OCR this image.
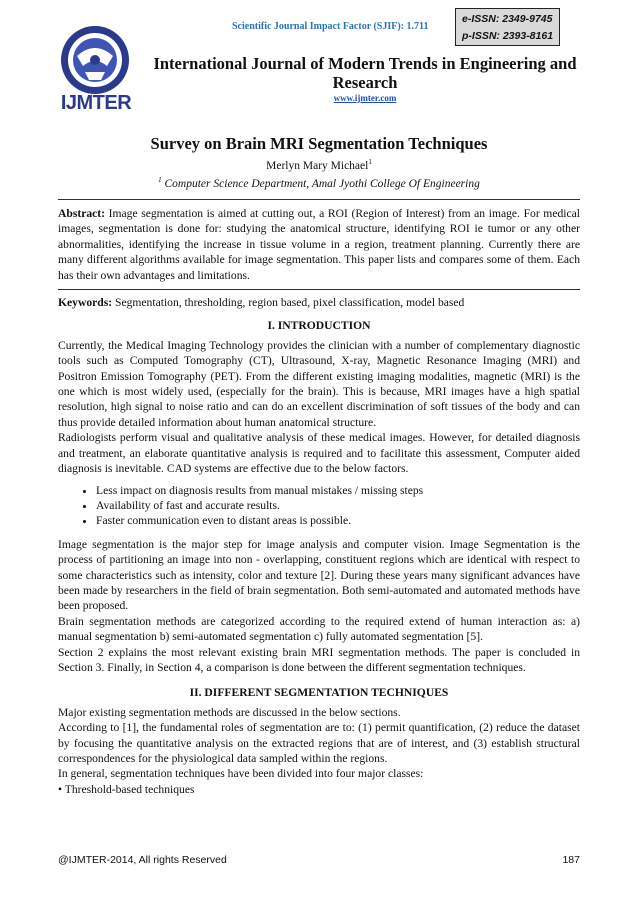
IJMTER
e-ISSN: 2349-9745
p-ISSN: 2393-8161
Scientific Journal Impact Factor (SJIF): 1.711
International Journal of Modern Trends in Engineering and Research
www.ijmter.com
Survey on Brain MRI Segmentation Techniques
Merlyn Mary Michael$^1$
$^1$ Computer Science Department, Amal Jyothi College Of Engineering

Abstract: Image segmentation is aimed at cutting out, a ROI (Region of Interest) from an image. For medical images, segmentation is done for: studying the anatomical structure, identifying ROI ie tumor or any other abnormalities, identifying the increase in tissue volume in a region, treatment planning. Currently there are many different algorithms available for image segmentation. This paper lists and compares some of them. Each has their own advantages and limitations.

Keywords: Segmentation, thresholding, region based, pixel classification, model based

I. INTRODUCTION

Currently, the Medical Imaging Technology provides the clinician with a number of complementary diagnostic tools such as Computed Tomography (CT), Ultrasound, X-ray, Magnetic Resonance Imaging (MRI) and Positron Emission Tomography (PET). From the different existing imaging modalities, magnetic (MRI) is the one which is most widely used, (especially for the brain). This is because, MRI images have a high spatial resolution, high signal to noise ratio and can do an excellent discrimination of soft tissues of the body and can thus provide detailed information about human anatomical structure.

Radiologists perform visual and qualitative analysis of these medical images. However, for detailed diagnosis and treatment, an elaborate quantitative analysis is required and to facilitate this assessment, Computer aided diagnosis is inevitable. CAD systems are effective due to the below factors.

• Less impact on diagnosis results from manual mistakes / missing steps
• Availability of fast and accurate results.
• Faster communication even to distant areas is possible.

Image segmentation is the major step for image analysis and computer vision. Image Segmentation is the process of partitioning an image into non - overlapping, constituent regions which are identical with respect to some characteristics such as intensity, color and texture [2]. During these years many significant advances have been made by researchers in the field of brain segmentation. Both semi-automated and automated methods have been proposed.

Brain segmentation methods are categorized according to the required extend of human interaction as: a) manual segmentation b) semi-automated segmentation c) fully automated segmentation [5].

Section 2 explains the most relevant existing brain MRI segmentation methods. The paper is concluded in Section 3. Finally, in Section 4, a comparison is done between the different segmentation techniques.

II. DIFFERENT SEGMENTATION TECHNIQUES

Major existing segmentation methods are discussed in the below sections.

According to [1], the fundamental roles of segmentation are to: (1) permit quantification, (2) reduce the dataset by focusing the quantitative analysis on the extracted regions that are of interest, and (3) establish structural correspondences for the physiological data sampled within the regions.

In general, segmentation techniques have been divided into four major classes:

• Threshold-based techniques

@IJMTER-2014, All rights Reserved	187
